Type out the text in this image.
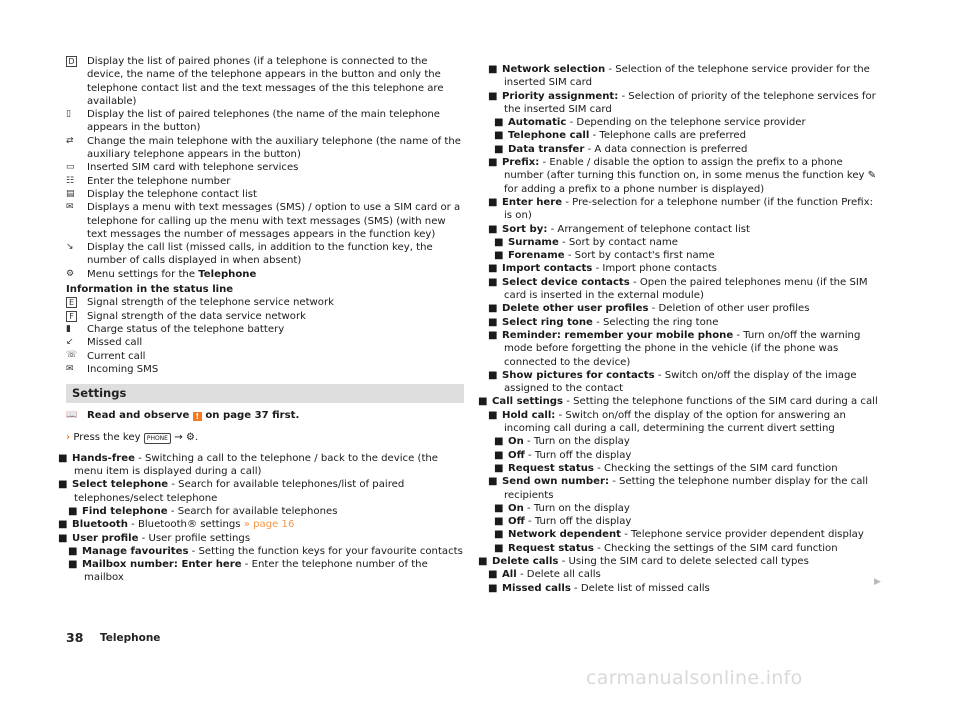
D Display the list of paired phones (if a telephone is connected to the device, the name of the telephone appears in the button and only the telephone contact list and the text messages of the this telephone are available)
▯	Display the list of paired telephones (the name of the main telephone appears in the button)
⇄	Change the main telephone with the auxiliary telephone (the name of the auxiliary telephone appears in the button)
▭	Inserted SIM card with telephone services
☷	Enter the telephone number
▤	Display the telephone contact list
✉	Displays a menu with text messages (SMS) / option to use a SIM card or a telephone for calling up the menu with text messages (SMS) (with new text messages the number of messages appears in the function key)
↘	Display the call list (missed calls, in addition to the function key, the number of calls displayed in when absent)
⚙	Menu settings for the Telephone
Information in the status line
E Signal strength of the telephone service network
F	Signal strength of the data service network
▮	Charge status of the telephone battery
↙	Missed call
☏ Current call
✉	Incoming SMS
Settings
📖 Read and observe ! on page 37 first.
› Press the key PHONE → ⚙.
■ Hands-free - Switching a call to the telephone / back to the device (the menu item is displayed during a call)
■ Select telephone - Search for available telephones/list of paired telephones/select telephone
■ Find telephone - Search for available telephones
■ Bluetooth - Bluetooth® settings » page 16
■ User profile - User profile settings
■ Manage favourites - Setting the function keys for your favourite contacts
■ Mailbox number: Enter here - Enter the telephone number of the mailbox
■ Network selection - Selection of the telephone service provider for the inserted SIM card
■ Priority assignment: - Selection of priority of the telephone services for the inserted SIM card
■ Automatic - Depending on the telephone service provider
■ Telephone call - Telephone calls are preferred
■ Data transfer - A data connection is preferred
■ Prefix: - Enable / disable the option to assign the prefix to a phone number (after turning this function on, in some menus the function key ✎ for adding a prefix to a phone number is displayed)
■ Enter here - Pre-selection for a telephone number (if the function Prefix: is on)
■ Sort by: - Arrangement of telephone contact list
■ Surname - Sort by contact name
■ Forename - Sort by contact's first name
■ Import contacts - Import phone contacts
■ Select device contacts - Open the paired telephones menu (if the SIM card is inserted in the external module)
■ Delete other user profiles - Deletion of other user profiles
■ Select ring tone - Selecting the ring tone
■ Reminder: remember your mobile phone - Turn on/off the warning mode before forgetting the phone in the vehicle (if the phone was connected to the device)
■ Show pictures for contacts - Switch on/off the display of the image assigned to the contact
■ Call settings - Setting the telephone functions of the SIM card during a call
■ Hold call: - Switch on/off the display of the option for answering an incoming call during a call, determining the current divert setting
■ On - Turn on the display
■ Off - Turn off the display
■ Request status - Checking the settings of the SIM card function
■ Send own number: - Setting the telephone number display for the call recipients
■ On - Turn on the display
■ Off - Turn off the display
■ Network dependent - Telephone service provider dependent display
■ Request status - Checking the settings of the SIM card function
■ Delete calls - Using the SIM card to delete selected call types
■ All - Delete all calls
■ Missed calls - Delete list of missed calls
▶
38 Telephone
carmanualsonline.info
